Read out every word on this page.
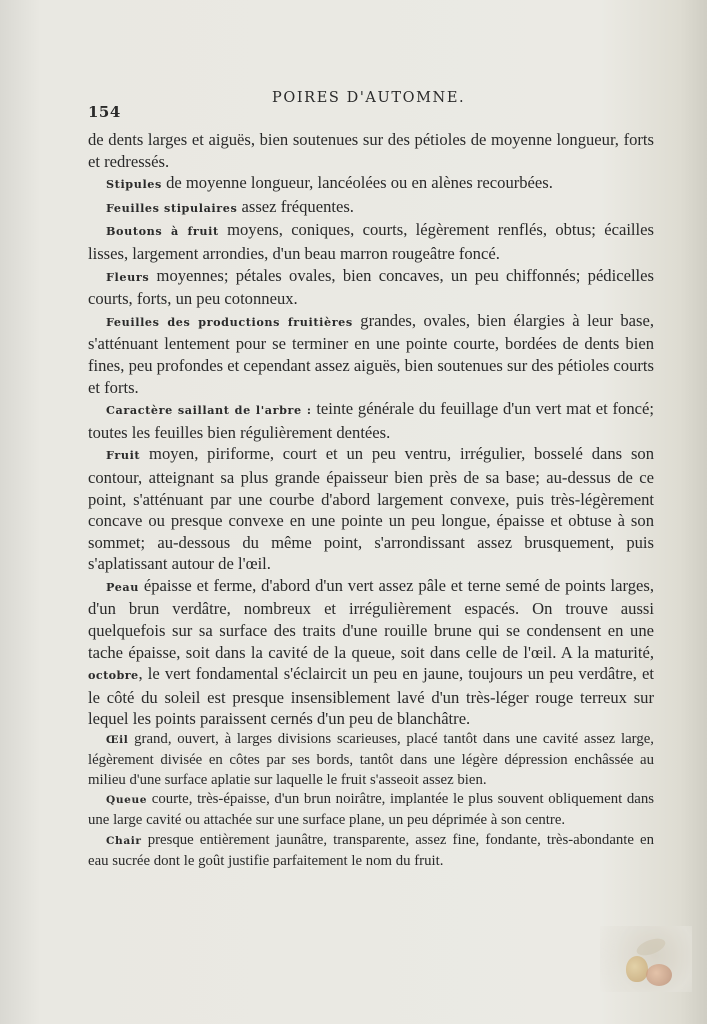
154
POIRES D'AUTOMNE.

de dents larges et aiguës, bien soutenues sur des pétioles de moyenne longueur, forts et redressés.

Stipules de moyenne longueur, lancéolées ou en alènes recourbées.

Feuilles stipulaires assez fréquentes.

Boutons à fruit moyens, coniques, courts, légèrement renflés, obtus; écailles lisses, largement arrondies, d'un beau marron rougeâtre foncé.

Fleurs moyennes; pétales ovales, bien concaves, un peu chiffonnés; pédicelles courts, forts, un peu cotonneux.

Feuilles des productions fruitières grandes, ovales, bien élargies à leur base, s'atténuant lentement pour se terminer en une pointe courte, bordées de dents bien fines, peu profondes et cependant assez aiguës, bien soutenues sur des pétioles courts et forts.

Caractère saillant de l'arbre : teinte générale du feuillage d'un vert mat et foncé; toutes les feuilles bien régulièrement dentées.

Fruit moyen, piriforme, court et un peu ventru, irrégulier, bosselé dans son contour, atteignant sa plus grande épaisseur bien près de sa base; au-dessus de ce point, s'atténuant par une courbe d'abord largement convexe, puis très-légèrement concave ou presque convexe en une pointe un peu longue, épaisse et obtuse à son sommet; au-dessous du même point, s'arrondissant assez brusquement, puis s'aplatissant autour de l'œil.

Peau épaisse et ferme, d'abord d'un vert assez pâle et terne semé de points larges, d'un brun verdâtre, nombreux et irrégulièrement espacés. On trouve aussi quelquefois sur sa surface des traits d'une rouille brune qui se condensent en une tache épaisse, soit dans la cavité de la queue, soit dans celle de l'œil. A la maturité, octobre, le vert fondamental s'éclaircit un peu en jaune, toujours un peu verdâtre, et le côté du soleil est presque insensiblement lavé d'un très-léger rouge terreux sur lequel les points paraissent cernés d'un peu de blanchâtre.

Œil grand, ouvert, à larges divisions scarieuses, placé tantôt dans une cavité assez large, légèrement divisée en côtes par ses bords, tantôt dans une légère dépression enchâssée au milieu d'une surface aplatie sur laquelle le fruit s'asseoit assez bien.

Queue courte, très-épaisse, d'un brun noirâtre, implantée le plus souvent obliquement dans une large cavité ou attachée sur une surface plane, un peu déprimée à son centre.

Chair presque entièrement jaunâtre, transparente, assez fine, fondante, très-abondante en eau sucrée dont le goût justifie parfaitement le nom du fruit.
